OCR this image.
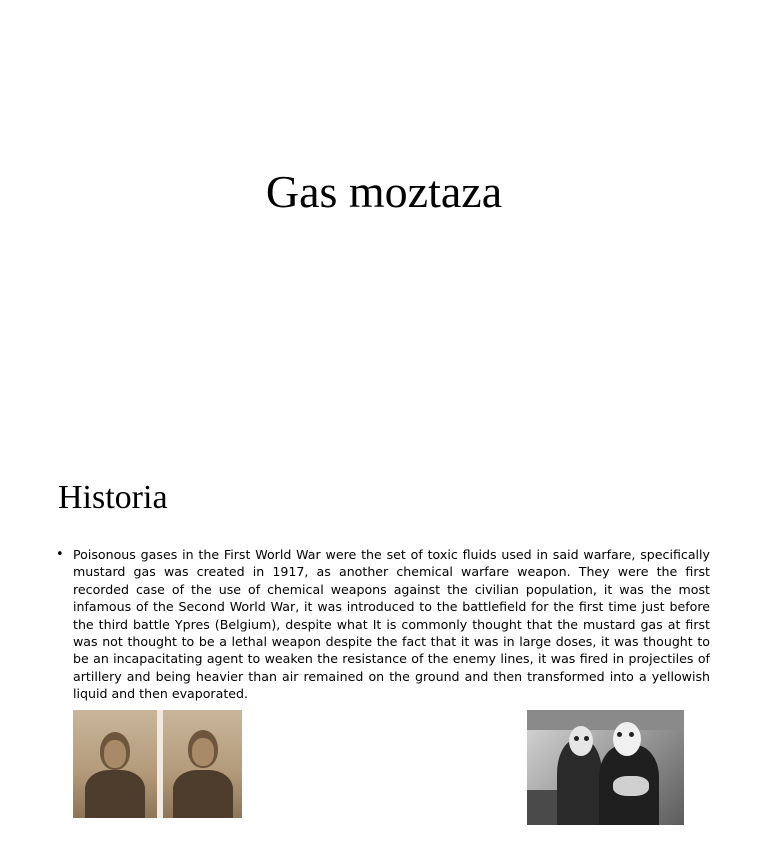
Gas moztaza
Historia
• Poisonous gases in the First World War were the set of toxic fluids used in said warfare, specifically mustard gas was created in 1917, as another chemical warfare weapon. They were the first recorded case of the use of chemical weapons against the civilian population, it was the most infamous of the Second World War, it was introduced to the battlefield for the first time just before the third battle Ypres (Belgium), despite what It is commonly thought that the mustard gas at first was not thought to be a lethal weapon despite the fact that it was in large doses, it was thought to be an incapacitating agent to weaken the resistance of the enemy lines, it was fired in projectiles of artillery and being heavier than air remained on the ground and then transformed into a yellowish liquid and then evaporated.
